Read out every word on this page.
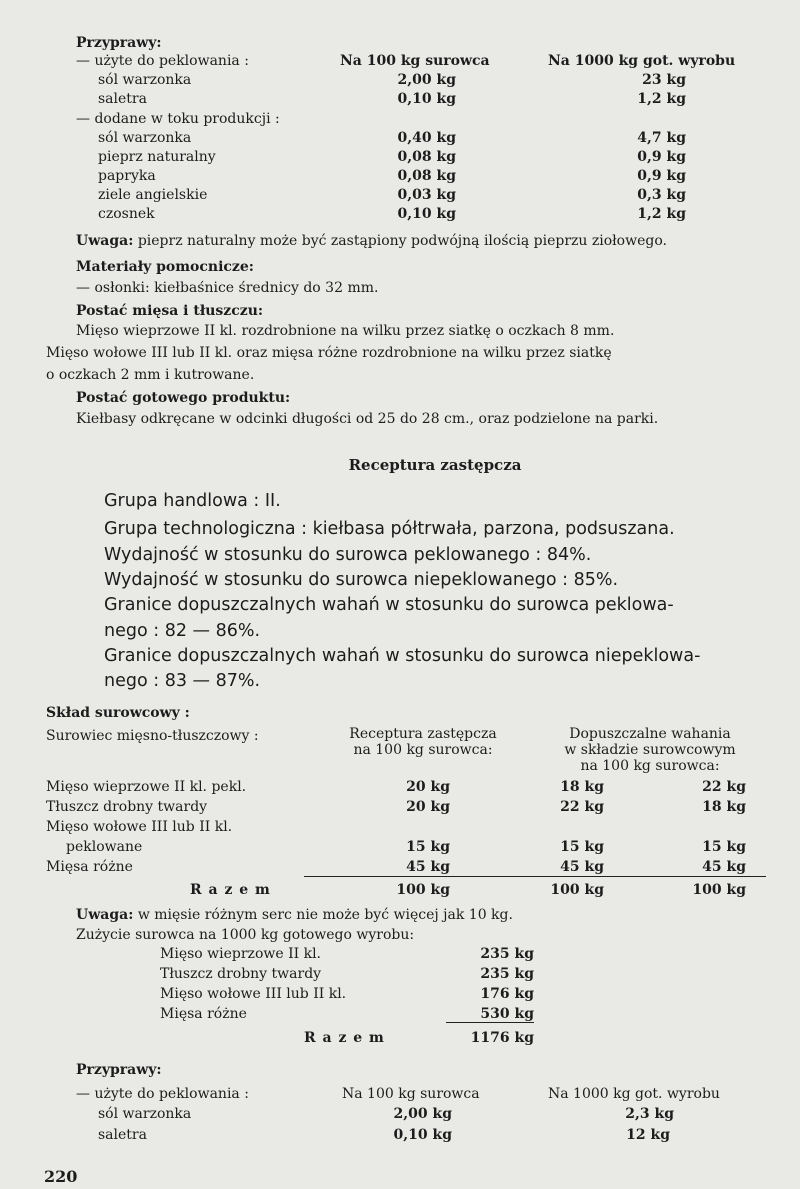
Przyprawy:
— użyte do peklowania :	Na 100 kg surowca	Na 1000 kg got. wyrobu
sól warzonka	2,00 kg	23 kg
saletra	0,10 kg	1,2 kg
— dodane w toku produkcji :
sól warzonka	0,40 kg	4,7 kg
pieprz naturalny	0,08 kg	0,9 kg
papryka	0,08 kg	0,9 kg
ziele angielskie	0,03 kg	0,3 kg
czosnek	0,10 kg	1,2 kg
Uwaga: pieprz naturalny może być zastąpiony podwójną ilością pieprzu ziołowego.
Materiały pomocnicze:
— osłonki: kiełbaśnice średnicy do 32 mm.
Postać mięsa i tłuszczu:
Mięso wieprzowe II kl. rozdrobnione na wilku przez siatkę o oczkach 8 mm.
Mięso wołowe III lub II kl. oraz mięsa różne rozdrobnione na wilku przez siatkę
o oczkach 2 mm i kutrowane.
Postać gotowego produktu:
Kiełbasy odkręcane w odcinki długości od 25 do 28 cm., oraz podzielone na parki.
Receptura zastępcza
Grupa handlowa : II.
Grupa technologiczna : kiełbasa półtrwała, parzona, podsuszana.
Wydajność w stosunku do surowca peklowanego : 84%.
Wydajność w stosunku do surowca niepeklowanego : 85%.
Granice dopuszczalnych wahań w stosunku do surowca peklowa-
nego : 82 — 86%.
Granice dopuszczalnych wahań w stosunku do surowca niepeklowa-
nego : 83 — 87%.
Skład surowcowy :
Surowiec mięsno-tłuszczowy :	Receptura zastępcza
na 100 kg surowca:
Dopuszczalne wahania
w składzie surowcowym
na 100 kg surowca:
Mięso wieprzowe II kl. pekl.	20 kg	18 kg	22 kg
Tłuszcz drobny twardy	20 kg	22 kg	18 kg
Mięso wołowe III lub II kl.
peklowane	15 kg	15 kg	15 kg
Mięsa różne	45 kg	45 kg	45 kg
R a z e m	100 kg	100 kg	100 kg
Uwaga: w mięsie różnym serc nie może być więcej jak 10 kg.
Zużycie surowca na 1000 kg gotowego wyrobu:
Mięso wieprzowe II kl.	235 kg
Tłuszcz drobny twardy	235 kg
Mięso wołowe III lub II kl.	176 kg
Mięsa różne	530 kg
R a z e m	1176 kg
Przyprawy:
— użyte do peklowania :	Na 100 kg surowca	Na 1000 kg got. wyrobu
sól warzonka	2,00 kg	2,3 kg
saletra	0,10 kg	12 kg
220
